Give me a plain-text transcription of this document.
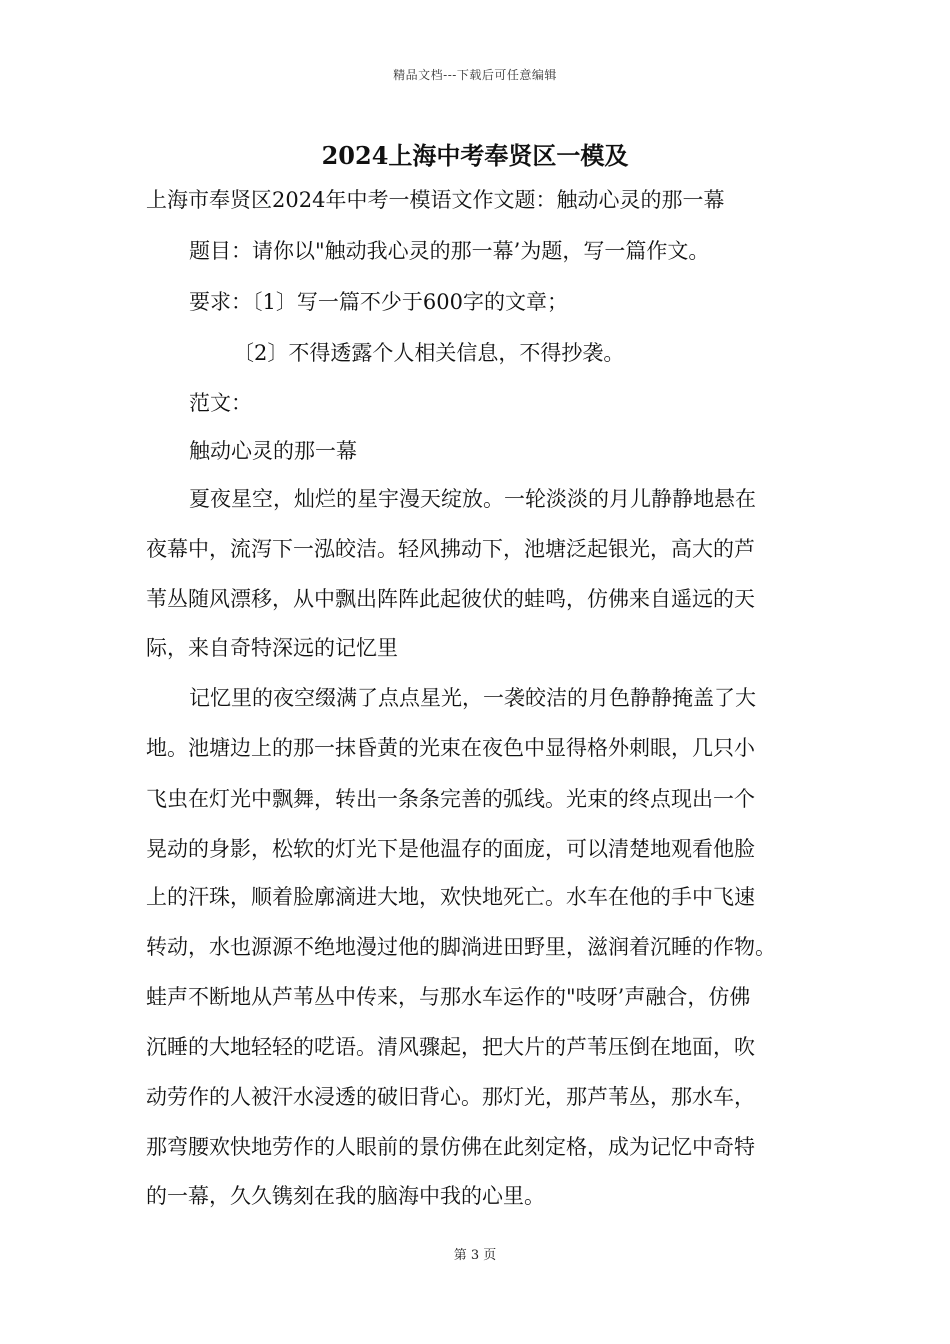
精品文档---下载后可任意编辑
2024上海中考奉贤区一模及
上海市奉贤区2024年中考一模语文作文题：触动心灵的那一幕
题目：请你以"触动我心灵的那一幕’为题，写一篇作文。
要求：〔1〕写一篇不少于600字的文章；
〔2〕不得透露个人相关信息，不得抄袭。
范文：
触动心灵的那一幕
夏夜星空，灿烂的星宇漫天绽放。一轮淡淡的月儿静静地悬在
夜幕中，流泻下一泓皎洁。轻风拂动下，池塘泛起银光，高大的芦
苇丛随风漂移，从中飘出阵阵此起彼伏的蛙鸣，仿佛来自遥远的天
际，来自奇特深远的记忆里
记忆里的夜空缀满了点点星光，一袭皎洁的月色静静掩盖了大
地。池塘边上的那一抹昏黄的光束在夜色中显得格外刺眼，几只小
飞虫在灯光中飘舞，转出一条条完善的弧线。光束的终点现出一个
晃动的身影，松软的灯光下是他温存的面庞，可以清楚地观看他脸
上的汗珠，顺着脸廓滴进大地，欢快地死亡。水车在他的手中飞速
转动，水也源源不绝地漫过他的脚淌进田野里，滋润着沉睡的作物。
蛙声不断地从芦苇丛中传来，与那水车运作的"吱呀’声融合，仿佛
沉睡的大地轻轻的呓语。清风骤起，把大片的芦苇压倒在地面，吹
动劳作的人被汗水浸透的破旧背心。那灯光，那芦苇丛，那水车，
那弯腰欢快地劳作的人眼前的景仿佛在此刻定格，成为记忆中奇特
的一幕，久久镌刻在我的脑海中我的心里。
第 3 页
